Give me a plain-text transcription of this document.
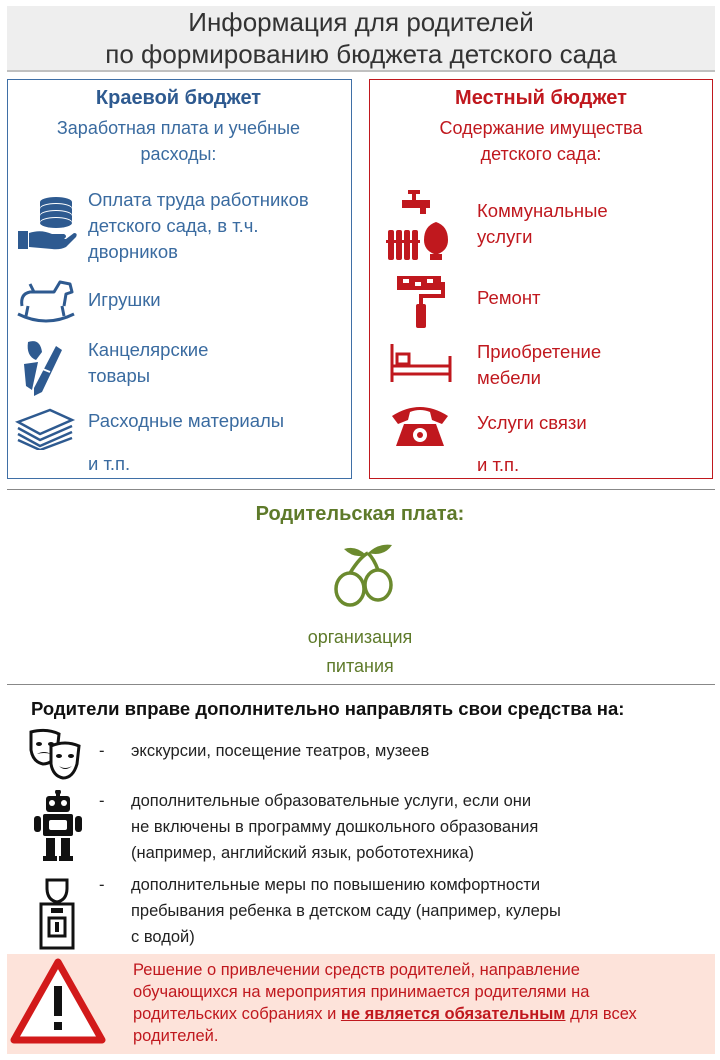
Информация для родителей
по формированию бюджета детского сада
Краевой бюджет
Заработная плата и учебные
расходы:
Оплата труда работников
детского сада, в т.ч.
дворников
Игрушки
Канцелярские
товары
Расходные материалы
и т.п.
Местный бюджет
Содержание имущества
детского сада:
Коммунальные
услуги
Ремонт
Приобретение
мебели
Услуги связи
и т.п.
Родительская плата:
организация
питания
Родители вправе дополнительно направлять свои средства на:
- экскурсии, посещение театров, музеев
- дополнительные образовательные услуги, если они
не включены в программу дошкольного образования
(например, английский язык, робототехника)
- дополнительные меры по повышению комфортности
пребывания ребенка в детском саду (например, кулеры
с водой)
Решение о привлечении средств родителей, направление
обучающихся на мероприятия принимается родителями на
родительских собраниях и не является обязательным для всех
родителей.
